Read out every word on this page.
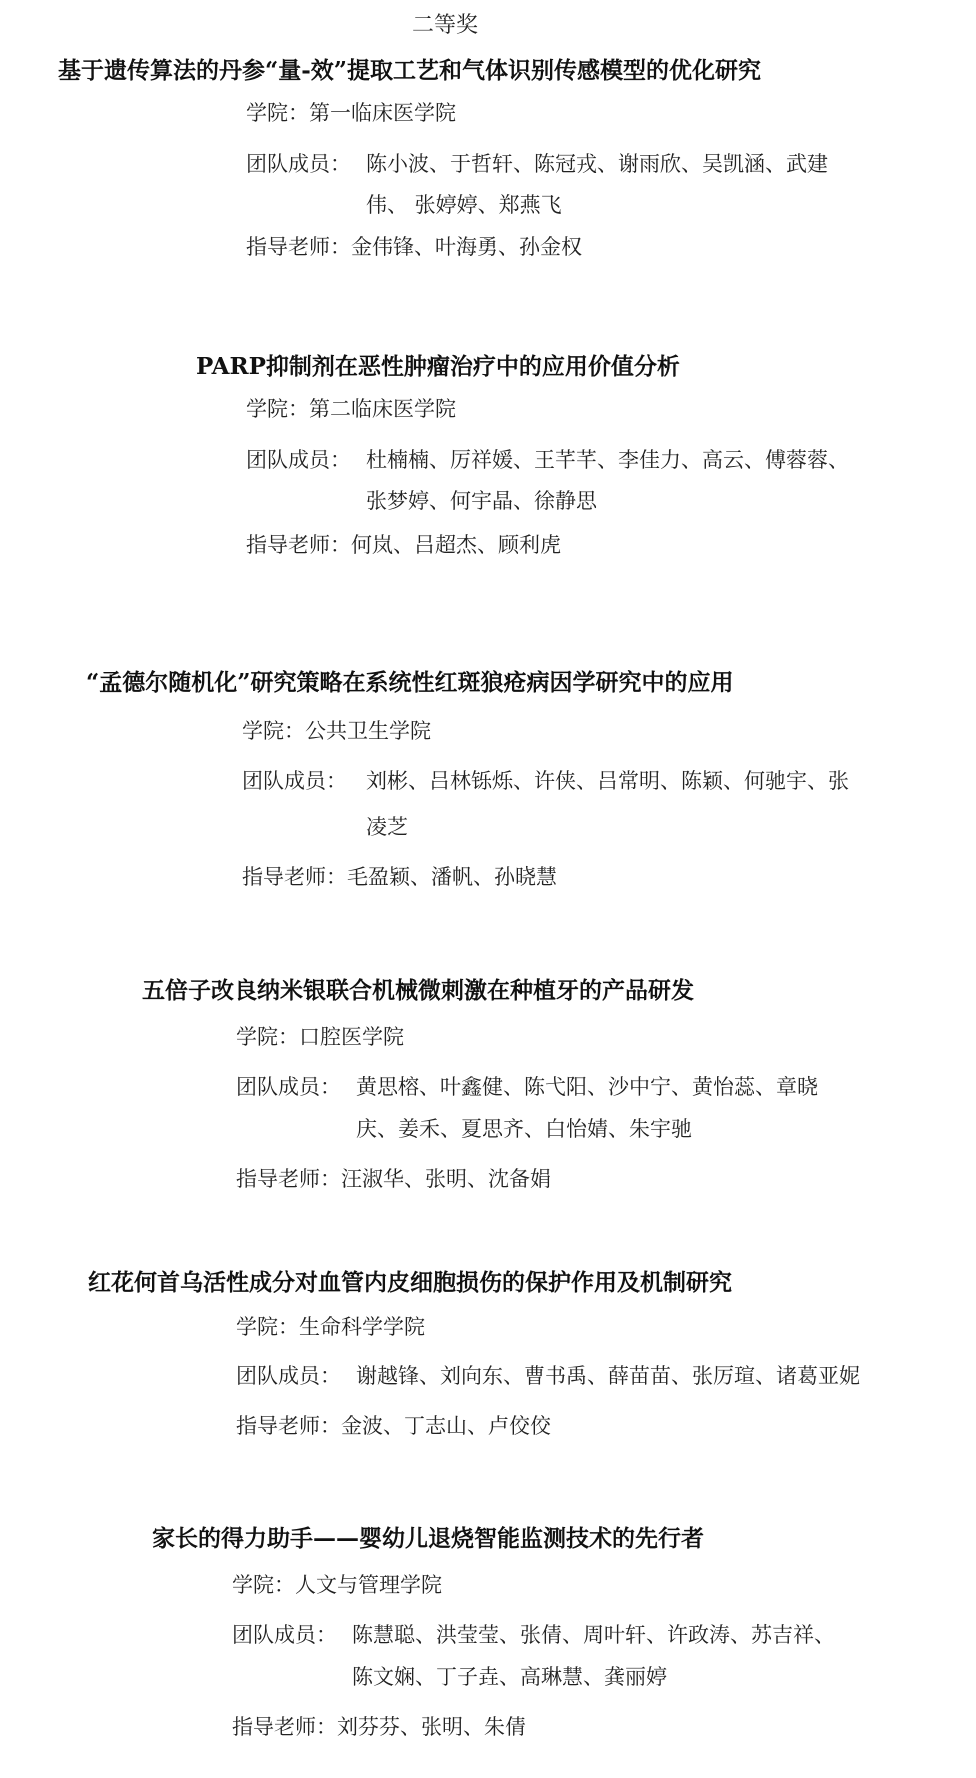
二等奖
基于遗传算法的丹参“量-效”提取工艺和气体识别传感模型的优化研究
学院：第一临床医学院
团队成员： 陈小波、于哲轩、陈冠戎、谢雨欣、吴凯涵、武建
伟、 张婷婷、郑燕飞
指导老师：金伟锋、叶海勇、孙金权
PARP抑制剂在恶性肿瘤治疗中的应用价值分析
学院：第二临床医学院
团队成员： 杜楠楠、厉祥媛、王芊芊、李佳力、高云、傅蓉蓉、
张梦婷、何宇晶、徐静思
指导老师：何岚、吕超杰、顾利虎
“孟德尔随机化”研究策略在系统性红斑狼疮病因学研究中的应用
学院：公共卫生学院
团队成员： 刘彬、吕林铄烁、许侠、吕常明、陈颖、何驰宇、张
凌芝
指导老师：毛盈颖、潘帆、孙晓慧
五倍子改良纳米银联合机械微刺激在种植牙的产品研发
学院：口腔医学院
团队成员： 黄思榕、叶鑫健、陈弋阳、沙中宁、黄怡蕊、章晓
庆、姜禾、夏思齐、白怡婧、朱宇驰
指导老师：汪淑华、张明、沈备娟
红花何首乌活性成分对血管内皮细胞损伤的保护作用及机制研究
学院：生命科学学院
团队成员： 谢越锋、刘向东、曹书禹、薛苗苗、张厉瑄、诸葛亚妮
指导老师：金波、丁志山、卢佼佼
家长的得力助手——婴幼儿退烧智能监测技术的先行者
学院：人文与管理学院
团队成员： 陈慧聪、洪莹莹、张倩、周叶轩、许政涛、苏吉祥、
陈文娴、丁子垚、高琳慧、龚丽婷
指导老师：刘芬芬、张明、朱倩
